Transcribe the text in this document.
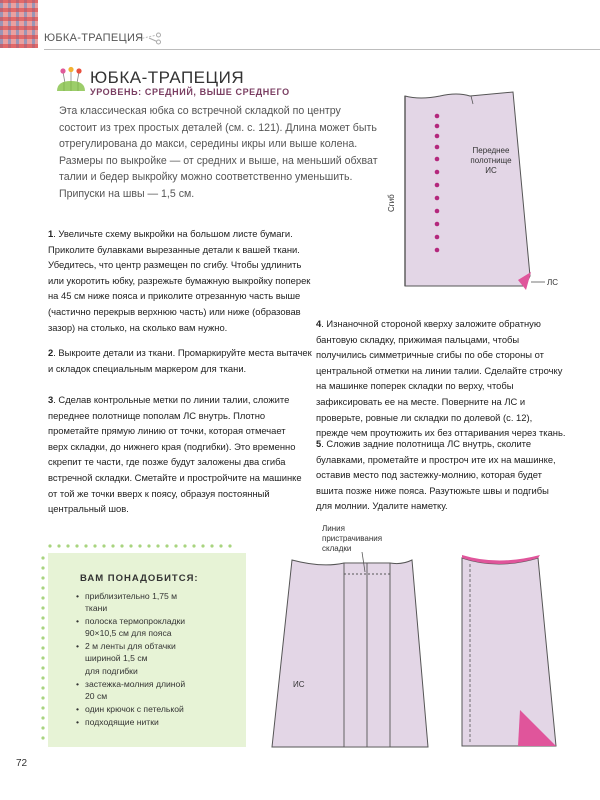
ЮБКА-ТРАПЕЦИЯ
ЮБКА-ТРАПЕЦИЯ
УРОВЕНЬ: СРЕДНИЙ, ВЫШЕ СРЕДНЕГО
Эта классическая юбка со встречной складкой по центру состоит из трех простых деталей (см. с. 121). Длина может быть отрегулирована до макси, середины икры или выше колена. Размеры по выкройке — от средних и выше, на меньший обхват талии и бедер выкройку можно соответственно уменьшить. Припуски на швы — 1,5 см.
1. Увеличьте схему выкройки на большом листе бумаги. Приколите булавками вырезанные детали к вашей ткани. Убедитесь, что центр размещен по сгибу. Чтобы удлинить или укоротить юбку, разрежьте бумажную выкройку поперек на 45 см ниже пояса и приколите отрезанную часть выше (частично перекрыв верхнюю часть) или ниже (образовав зазор) на столько, на сколько вам нужно.
2. Выкроите детали из ткани. Промаркируйте места вытачек и складок специальным маркером для ткани.
3. Сделав контрольные метки по линии талии, сложите переднее полотнище пополам ЛС внутрь. Плотно прометайте прямую линию от точки, которая отмечает верх складки, до нижнего края (подгибки). Это временно скрепит те части, где позже будут заложены два сгиба встречной складки. Сметайте и простройчите на машинке от той же точки вверх к поясу, образуя постоянный центральный шов.
4. Изнаночной стороной кверху заложите обратную бантовую складку, прижимая пальцами, чтобы получились симметричные сгибы по обе стороны от центральной отметки на линии талии. Сделайте строчку на машинке поперек складки по верху, чтобы зафиксировать ее на месте. Поверните на ЛС и проверьте, ровные ли складки по долевой (с. 12), прежде чем проутюжить их без оттаривания через ткань.
5. Сложив задние полотнища ЛС внутрь, сколите булавками, прометайте и простроч ите их на машинке, оставив место под застежку-молнию, которая будет вшита позже ниже пояса. Разутюжьте швы и подгибы для молнии. Удалите наметку.
Переднее
полотнище
ИС
Сгиб
ЛС
Линия
пристрачивания
складки
ИС
ВАМ ПОНАДОБИТСЯ:
• приблизительно 1,75 м
ткани
• полоска термопрокладки
90×10,5 см для пояса
• 2 м ленты для обтачки
шириной 1,5 см
для подгибки
• застежка-молния длиной
20 см
• один крючок с петелькой
• подходящие нитки
72
